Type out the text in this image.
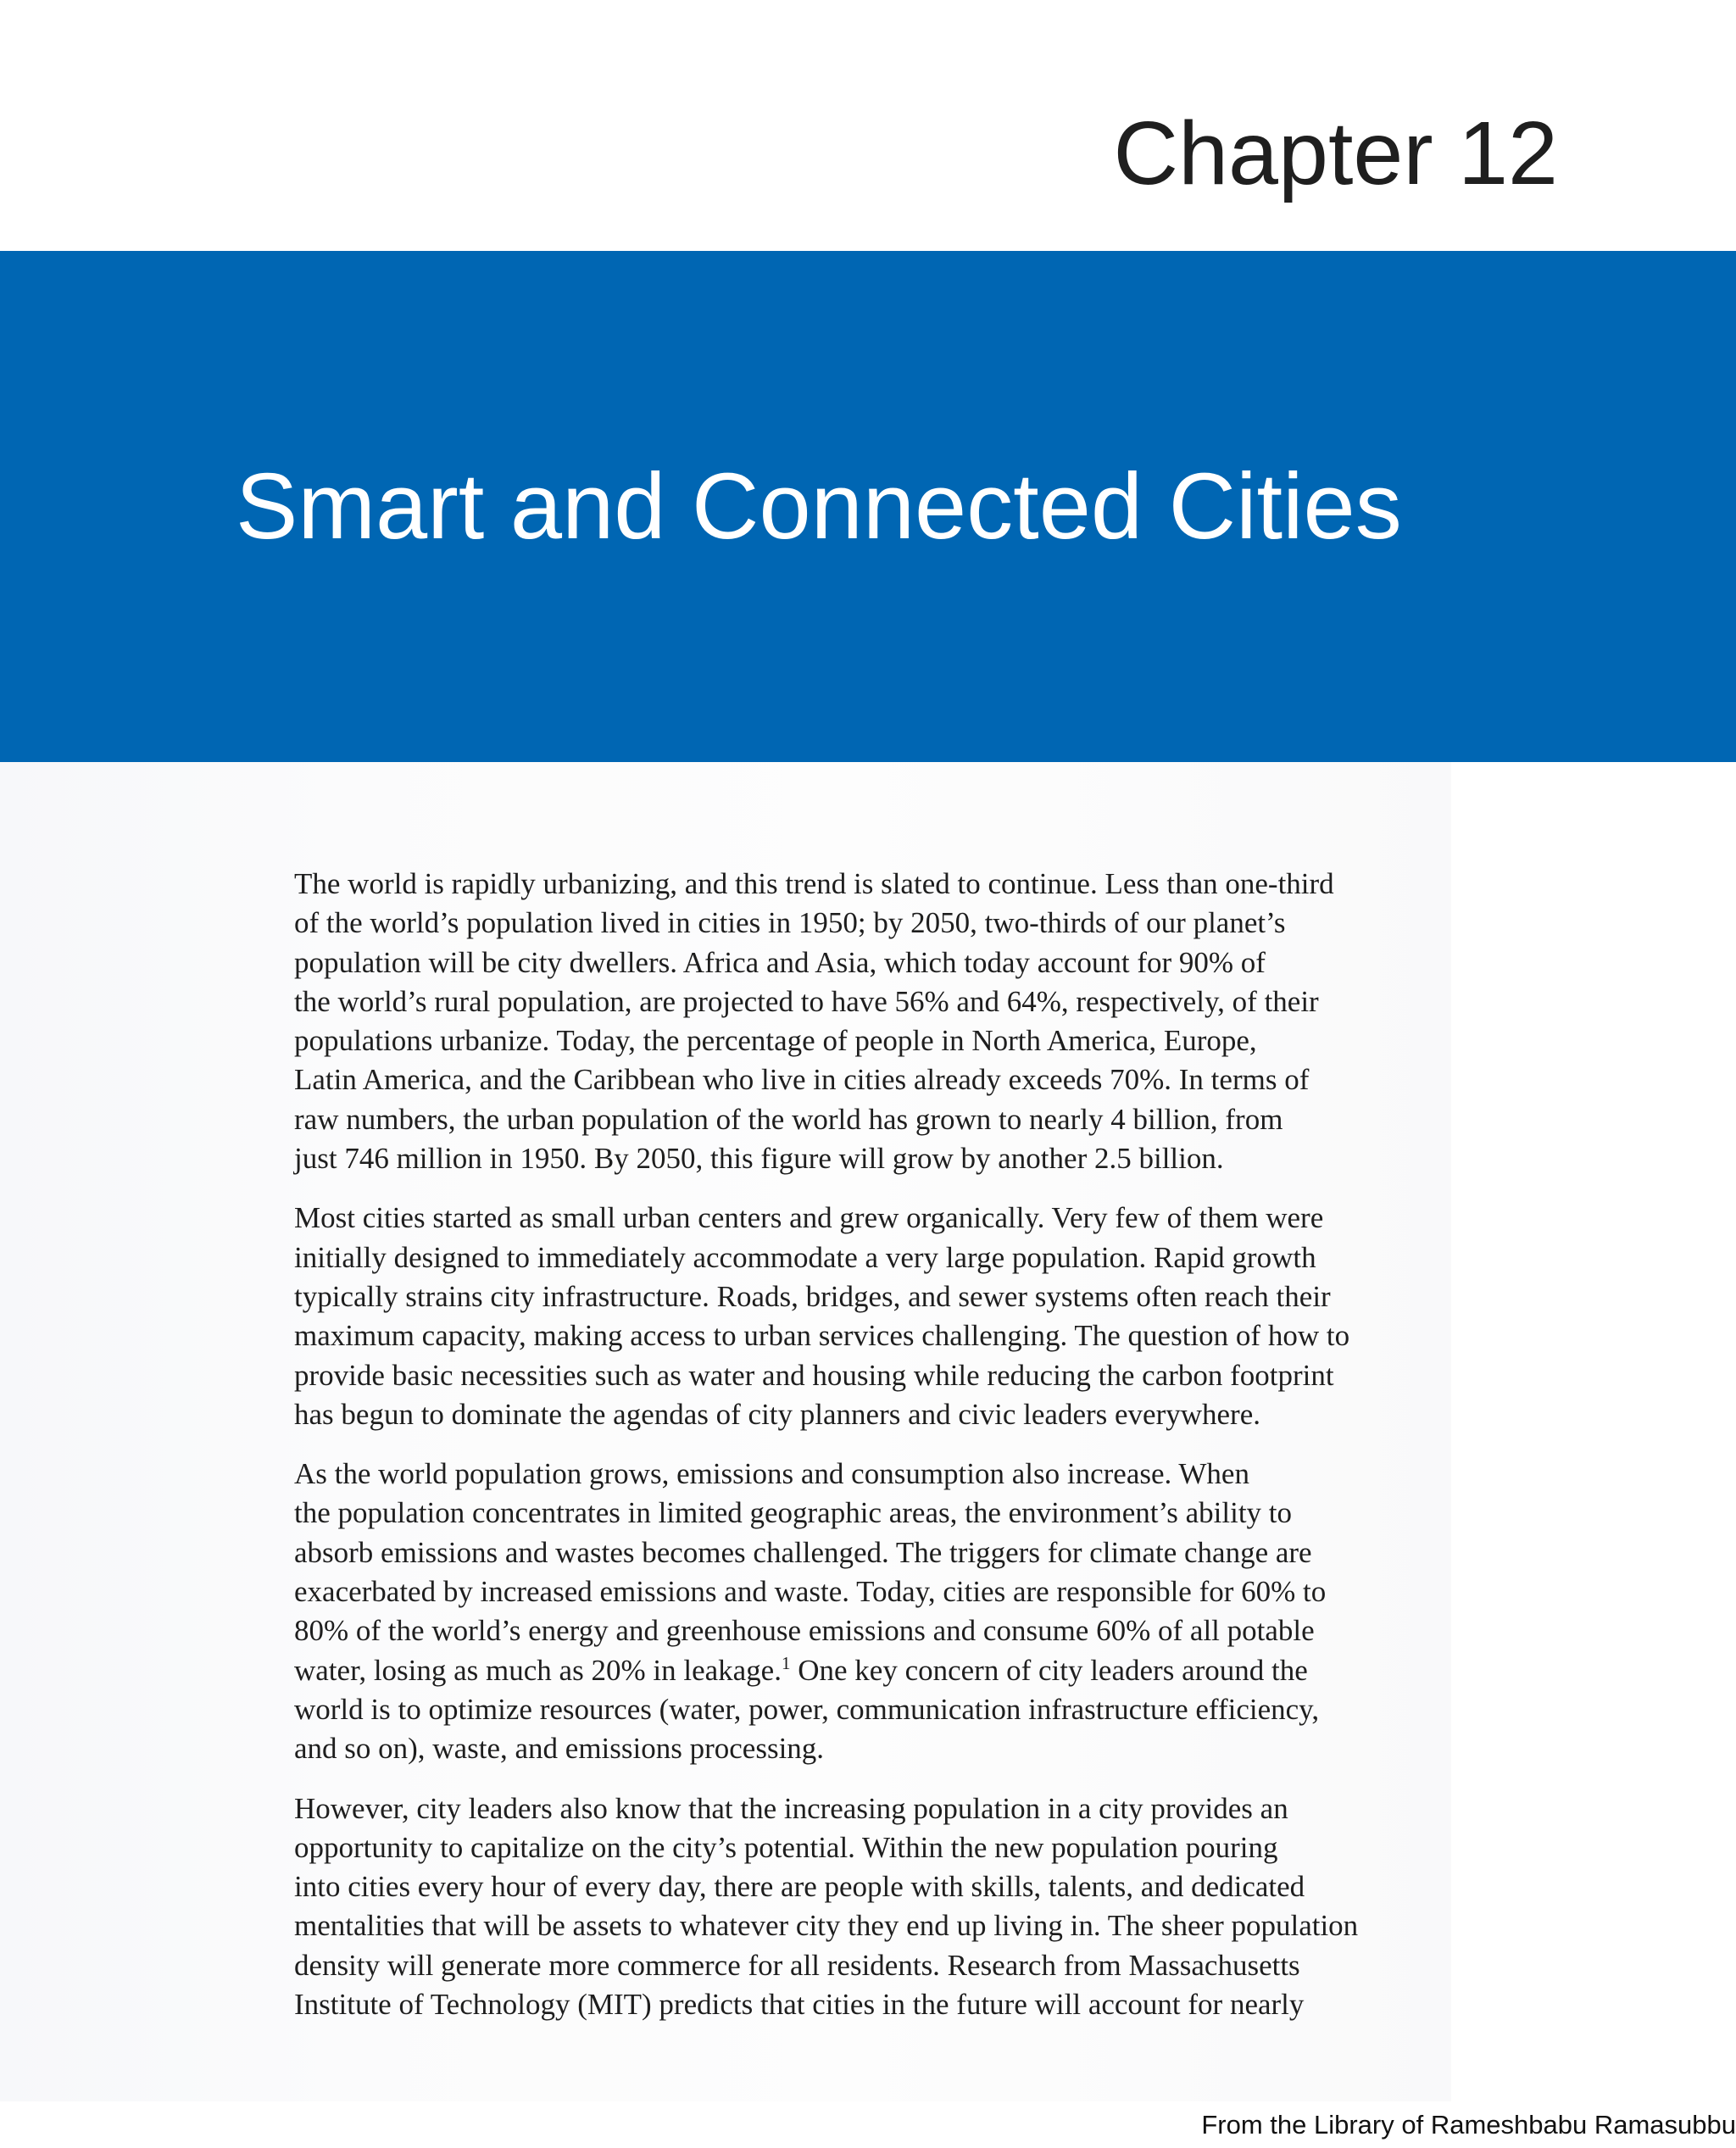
Chapter 12
Smart and Connected Cities

The world is rapidly urbanizing, and this trend is slated to continue. Less than one-third
of the world’s population lived in cities in 1950; by 2050, two-thirds of our planet’s
population will be city dwellers. Africa and Asia, which today account for 90% of
the world’s rural population, are projected to have 56% and 64%, respectively, of their
populations urbanize. Today, the percentage of people in North America, Europe,
Latin America, and the Caribbean who live in cities already exceeds 70%. In terms of
raw numbers, the urban population of the world has grown to nearly 4 billion, from
just 746 million in 1950. By 2050, this figure will grow by another 2.5 billion.

Most cities started as small urban centers and grew organically. Very few of them were
initially designed to immediately accommodate a very large population. Rapid growth
typically strains city infrastructure. Roads, bridges, and sewer systems often reach their
maximum capacity, making access to urban services challenging. The question of how to
provide basic necessities such as water and housing while reducing the carbon footprint
has begun to dominate the agendas of city planners and civic leaders everywhere.

As the world population grows, emissions and consumption also increase. When
the population concentrates in limited geographic areas, the environment’s ability to
absorb emissions and wastes becomes challenged. The triggers for climate change are
exacerbated by increased emissions and waste. Today, cities are responsible for 60% to
80% of the world’s energy and greenhouse emissions and consume 60% of all potable
water, losing as much as 20% in leakage.$^1$ One key concern of city leaders around the
world is to optimize resources (water, power, communication infrastructure efficiency,
and so on), waste, and emissions processing.

However, city leaders also know that the increasing population in a city provides an
opportunity to capitalize on the city’s potential. Within the new population pouring
into cities every hour of every day, there are people with skills, talents, and dedicated
mentalities that will be assets to whatever city they end up living in. The sheer population
density will generate more commerce for all residents. Research from Massachusetts
Institute of Technology (MIT) predicts that cities in the future will account for nearly

From the Library of Rameshbabu Ramasubbu
